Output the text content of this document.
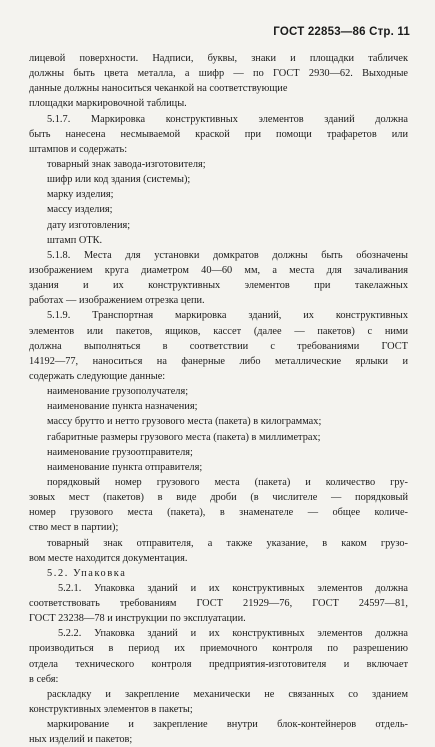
ГОСТ 22853—86 Стр. 11
лицевой поверхности. Надписи, буквы, знаки и площадки табличек
должны быть цвета металла, а шифр — по ГОСТ 2930—62. Выходные
данные должны наноситься чеканкой на соответствующие
площадки маркировочной таблицы.
5.1.7. Маркировка конструктивных элементов зданий должна
быть нанесена несмываемой краской при помощи трафаретов или
штампов и содержать:
товарный знак завода-изготовителя;
шифр или код здания (системы);
марку изделия;
массу изделия;
дату изготовления;
штамп ОТК.
5.1.8. Места для установки домкратов должны быть обозначены
изображением круга диаметром 40—60 мм, а места для зачаливания
здания и их конструктивных элементов при такелажных
работах — изображением отрезка цепи.
5.1.9. Транспортная маркировка зданий, их конструктивных
элементов или пакетов, ящиков, кассет (далее — пакетов) с ними
должна выполняться в соответствии с требованиями ГОСТ
14192—77, наноситься на фанерные либо металлические ярлыки и
содержать следующие данные:
наименование грузополучателя;
наименование пункта назначения;
массу брутто и нетто грузового места (пакета) в килограммах;
габаритные размеры грузового места (пакета) в миллиметрах;
наименование грузоотправителя;
наименование пункта отправителя;
порядковый номер грузового места (пакета) и количество гру-
зовых мест (пакетов) в виде дроби (в числителе — порядковый
номер грузового места (пакета), в знаменателе — общее количе-
ство мест в партии);
товарный знак отправителя, а также указание, в каком грузо-
вом месте находится документация.
5.2. Упаковка
5.2.1. Упаковка зданий и их конструктивных элементов должна
соответствовать требованиям ГОСТ 21929—76, ГОСТ 24597—81,
ГОСТ 23238—78 и инструкции по эксплуатации.
5.2.2. Упаковка зданий и их конструктивных элементов должна
производиться в период их приемочного контроля по разрешению
отдела технического контроля предприятия-изготовителя и включает
в себя:
раскладку и закрепление механически не связанных со зданием
конструктивных элементов в пакеты;
маркирование и закрепление внутри блок-контейнеров отдель-
ных изделий и пакетов;
